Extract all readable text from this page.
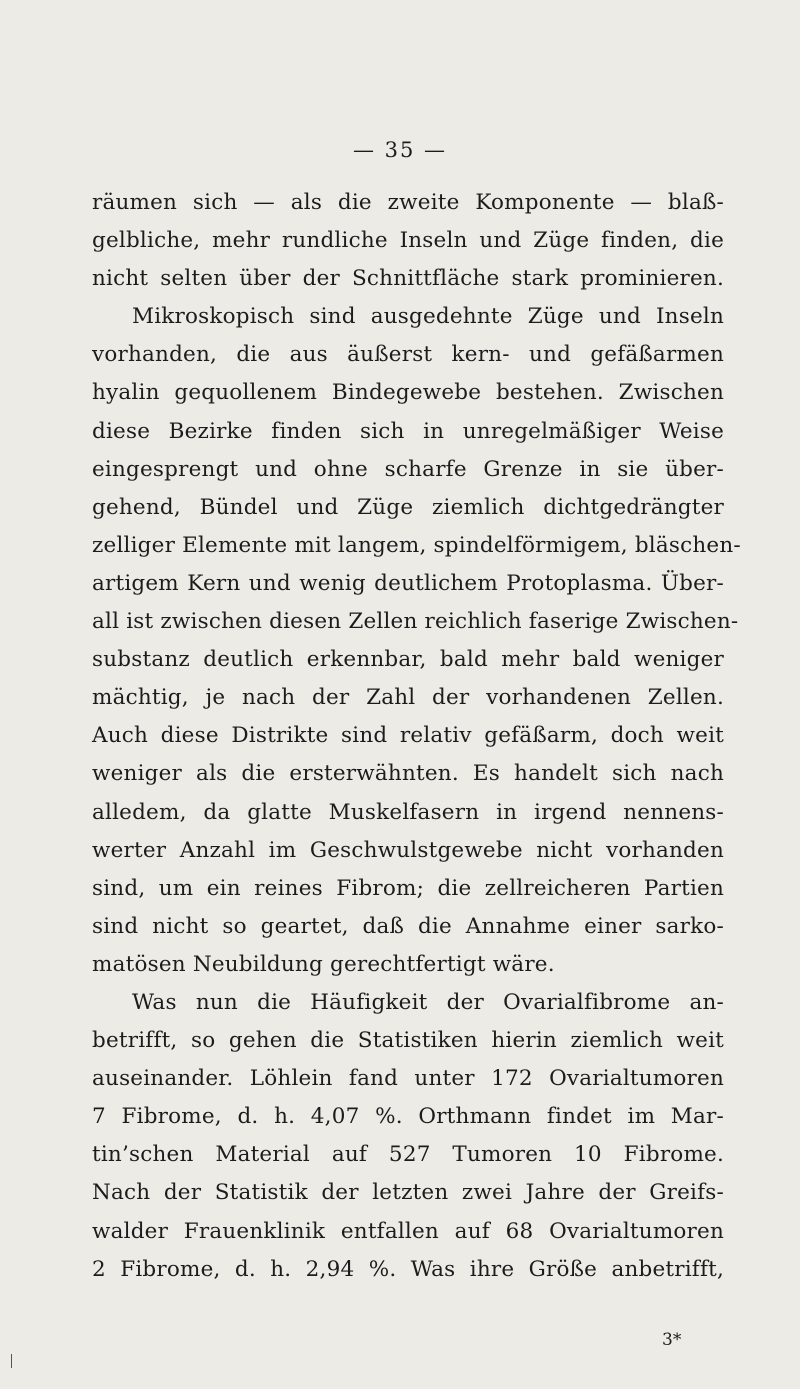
— 35 —
räumen sich — als die zweite Komponente — blaß-
gelbliche, mehr rundliche Inseln und Züge finden, die
nicht selten über der Schnittfläche stark prominieren.
Mikroskopisch sind ausgedehnte Züge und Inseln
vorhanden, die aus äußerst kern- und gefäßarmen
hyalin gequollenem Bindegewebe bestehen. Zwischen
diese Bezirke finden sich in unregelmäßiger Weise
eingesprengt und ohne scharfe Grenze in sie über-
gehend, Bündel und Züge ziemlich dichtgedrängter
zelliger Elemente mit langem, spindelförmigem, bläschen-
artigem Kern und wenig deutlichem Protoplasma. Über-
all ist zwischen diesen Zellen reichlich faserige Zwischen-
substanz deutlich erkennbar, bald mehr bald weniger
mächtig, je nach der Zahl der vorhandenen Zellen.
Auch diese Distrikte sind relativ gefäßarm, doch weit
weniger als die ersterwähnten. Es handelt sich nach
alledem, da glatte Muskelfasern in irgend nennens-
werter Anzahl im Geschwulstgewebe nicht vorhanden
sind, um ein reines Fibrom; die zellreicheren Partien
sind nicht so geartet, daß die Annahme einer sarko-
matösen Neubildung gerechtfertigt wäre.
Was nun die Häufigkeit der Ovarialfibrome an-
betrifft, so gehen die Statistiken hierin ziemlich weit
auseinander. Löhlein fand unter 172 Ovarialtumoren
7 Fibrome, d. h. 4,07 %. Orthmann findet im Mar-
tin’schen Material auf 527 Tumoren 10 Fibrome.
Nach der Statistik der letzten zwei Jahre der Greifs-
walder Frauenklinik entfallen auf 68 Ovarialtumoren
2 Fibrome, d. h. 2,94 %. Was ihre Größe anbetrifft,
3*
